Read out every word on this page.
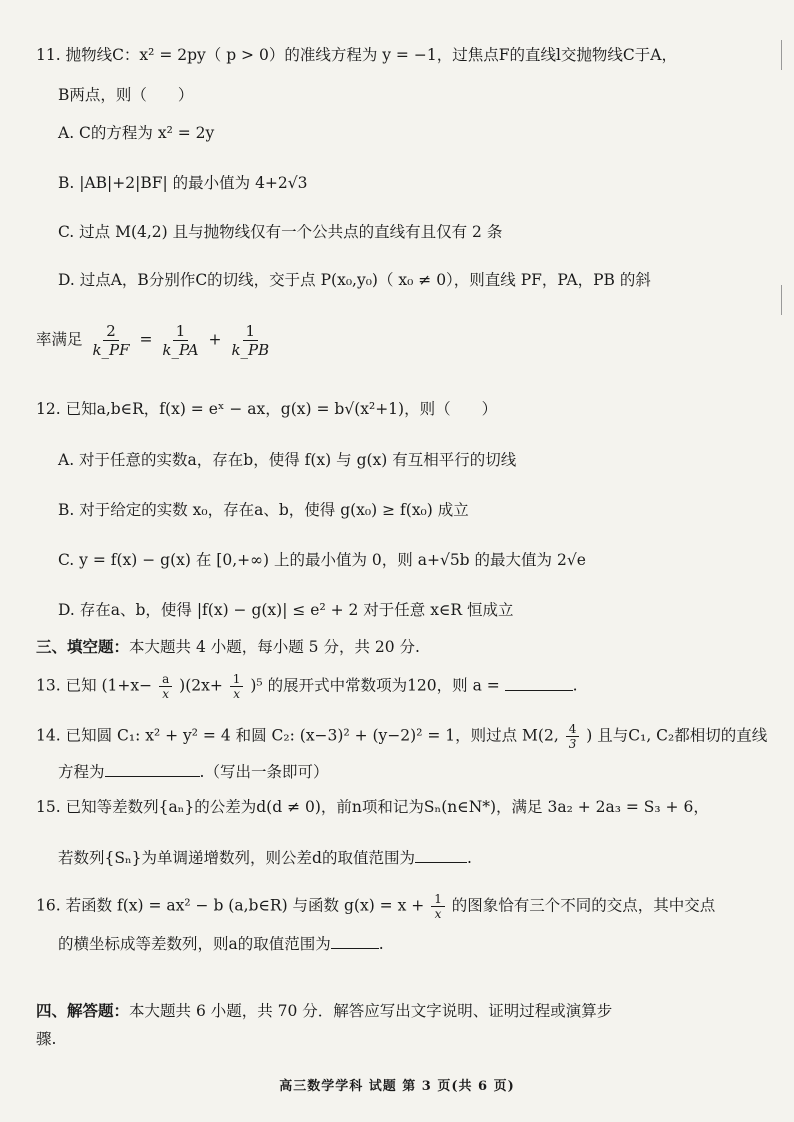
11. 抛物线C：x² = 2py（ p > 0）的准线方程为 y = −1，过焦点F的直线l交抛物线C于A，
B两点，则（　　）
A. C的方程为 x² = 2y
B. |AB|+2|BF| 的最小值为 4+2√3
C. 过点 M(4,2) 且与抛物线仅有一个公共点的直线有且仅有 2 条
D. 过点A，B分别作C的切线，交于点 P(x₀,y₀)（ x₀ ≠ 0），则直线 PF，PA，PB 的斜
率满足 $\frac{2}{k\_PF} = \frac{1}{k\_PA} + \frac{1}{k\_PB}$
12. 已知a,b∈R，f(x) = eˣ − ax，g(x) = b√(x²+1)，则（　　）
A. 对于任意的实数a，存在b，使得 f(x) 与 g(x) 有互相平行的切线
B. 对于给定的实数 x₀，存在a、b，使得 g(x₀) ≥ f(x₀) 成立
C. y = f(x) − g(x) 在 [0,+∞) 上的最小值为 0，则 a+√5b 的最大值为 2√e
D. 存在a、b，使得 |f(x) − g(x)| ≤ e² + 2 对于任意 x∈R 恒成立
三、填空题：本大题共 4 小题，每小题 5 分，共 20 分.
13. 已知 $(1+x- \frac{a}{x} )(2x+ \frac{1}{x} )^5$ 的展开式中常数项为120，则 a =	.
14. 已知圆 C₁: x² + y² = 4 和圆 C₂: (x−3)² + (y−2)² = 1，则过点 M(2, $\frac{4}{3}$ ) 且与C₁, C₂都相切的直线
方程为	.（写出一条即可）
15. 已知等差数列{aₙ}的公差为d(d ≠ 0)，前n项和记为Sₙ(n∈N*)，满足 3a₂ + 2a₃ = S₃ + 6，
若数列{Sₙ}为单调递增数列，则公差d的取值范围为	.
16. 若函数 f(x) = ax² − b (a,b∈R) 与函数 $g(x) = x + \frac{1}{x}$ 的图象恰有三个不同的交点，其中交点
的横坐标成等差数列，则a的取值范围为	.
四、解答题：本大题共 6 小题，共 70 分．解答应写出文字说明、证明过程或演算步
骤.
高三数学学科 试题 第 3 页(共 6 页)
